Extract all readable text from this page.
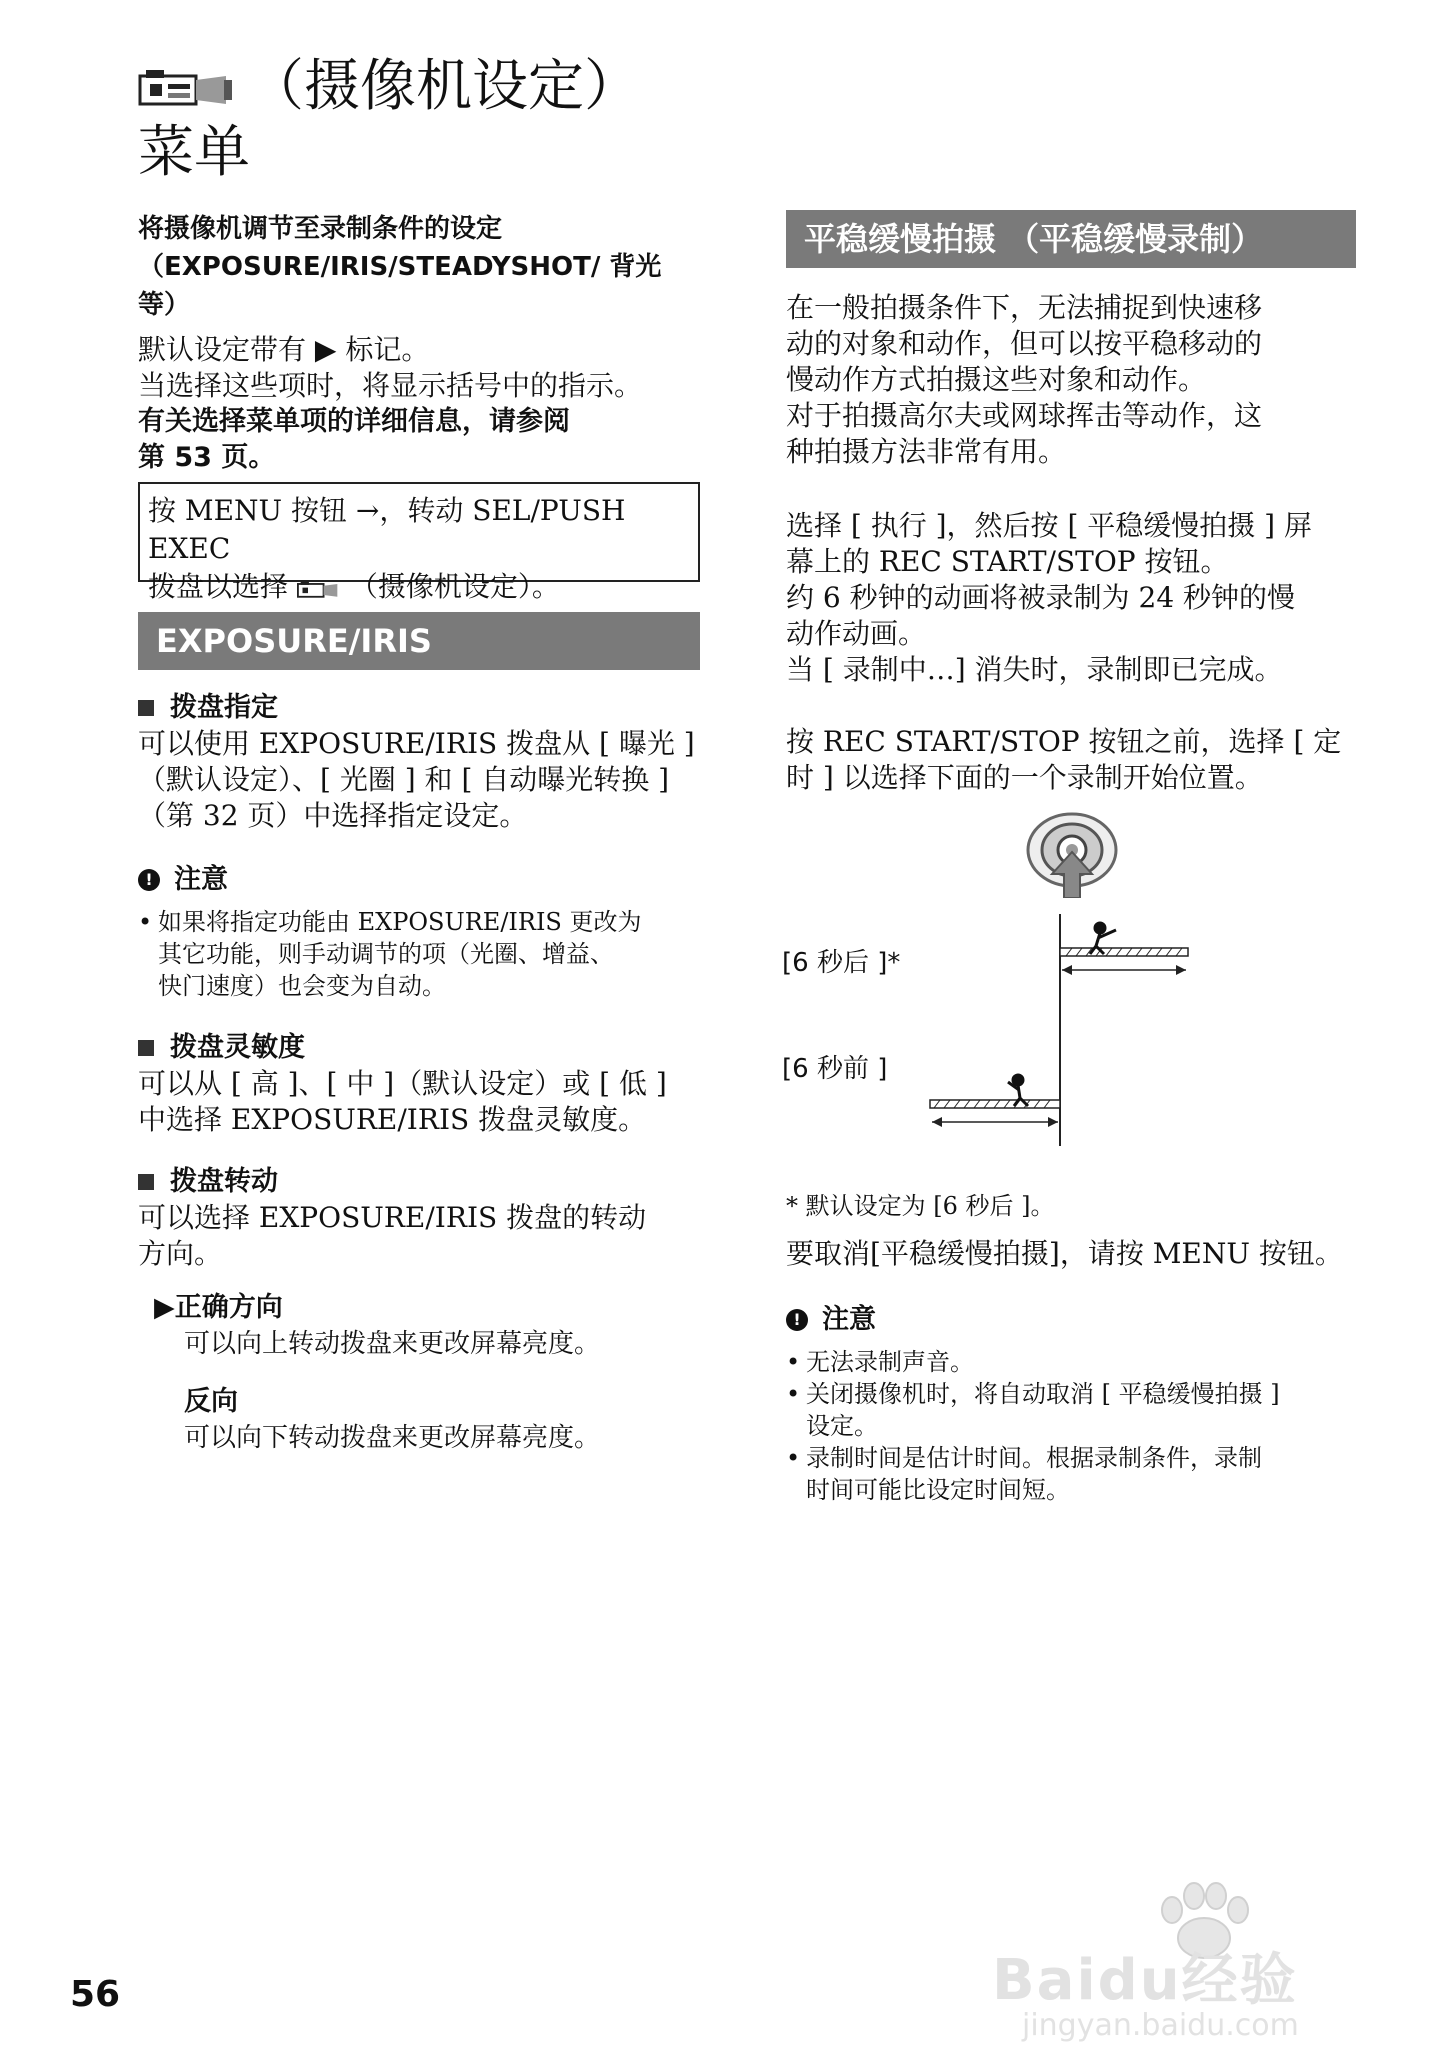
（摄像机设定）
菜单
将摄像机调节至录制条件的设定
（EXPOSURE/IRIS/STEADYSHOT/ 背光等）
默认设定带有 ▶ 标记。
当选择这些项时，将显示括号中的指示。
有关选择菜单项的详细信息，请参阅
第 53 页。
按 MENU 按钮 →，转动 SEL/PUSH EXEC
拨盘以选择 （摄像机设定）。
EXPOSURE/IRIS
拨盘指定
可以使用 EXPOSURE/IRIS 拨盘从 [ 曝光 ]
（默认设定）、[ 光圈 ] 和 [ 自动曝光转换 ]
（第 32 页）中选择指定设定。
! 注意
• 如果将指定功能由 EXPOSURE/IRIS 更改为
其它功能，则手动调节的项（光圈、增益、
快门速度）也会变为自动。
拨盘灵敏度
可以从 [ 高 ]、[ 中 ]（默认设定）或 [ 低 ]
中选择 EXPOSURE/IRIS 拨盘灵敏度。
拨盘转动
可以选择 EXPOSURE/IRIS 拨盘的转动
方向。
▶正确方向
可以向上转动拨盘来更改屏幕亮度。
反向
可以向下转动拨盘来更改屏幕亮度。
平稳缓慢拍摄 （平稳缓慢录制）
在一般拍摄条件下，无法捕捉到快速移
动的对象和动作，但可以按平稳移动的
慢动作方式拍摄这些对象和动作。
对于拍摄高尔夫或网球挥击等动作，这
种拍摄方法非常有用。
选择 [ 执行 ]，然后按 [ 平稳缓慢拍摄 ] 屏
幕上的 REC START/STOP 按钮。
约 6 秒钟的动画将被录制为 24 秒钟的慢
动作动画。
当 [ 录制中…] 消失时，录制即已完成。
按 REC START/STOP 按钮之前，选择 [ 定
时 ] 以选择下面的一个录制开始位置。
[6 秒后 ]*
[6 秒前 ]
* 默认设定为 [6 秒后 ]。
要取消[平稳缓慢拍摄]，请按 MENU 按钮。
! 注意
• 无法录制声音。
• 关闭摄像机时，将自动取消 [ 平稳缓慢拍摄 ]
设定。
• 录制时间是估计时间。根据录制条件，录制
时间可能比设定时间短。
56	Baidu经验
jingyan.baidu.com
